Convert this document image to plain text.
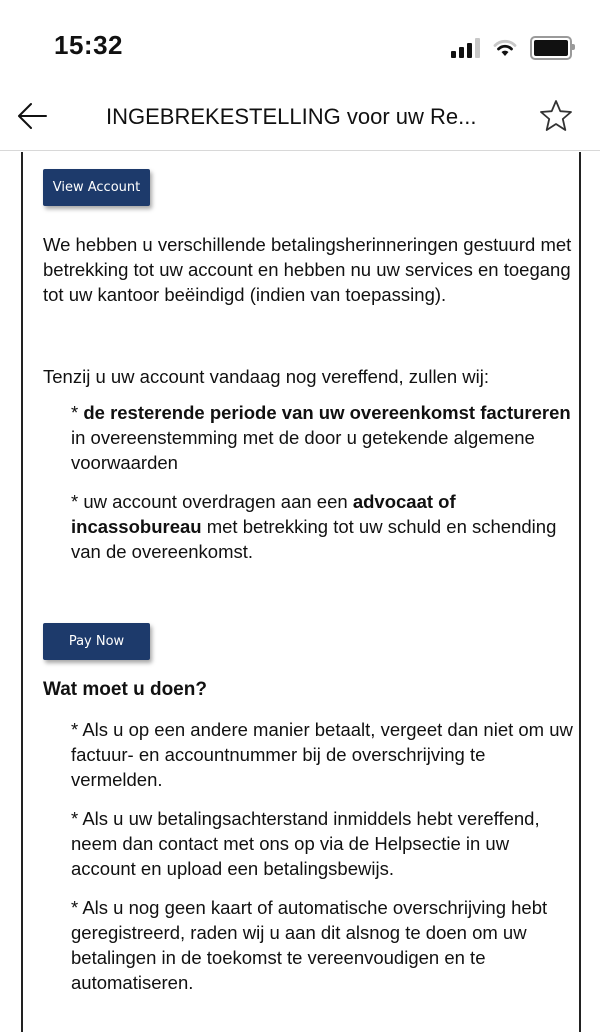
15:32
INGEBREKESTELLING voor uw Re...
View Account

We hebben u verschillende betalingsherinneringen gestuurd met betrekking tot uw account en hebben nu uw services en toegang tot uw kantoor beëindigd (indien van toepassing).

Tenzij u uw account vandaag nog vereffend, zullen wij:

* de resterende periode van uw overeenkomst factureren in overeenstemming met de door u getekende algemene voorwaarden

* uw account overdragen aan een advocaat of incassobureau met betrekking tot uw schuld en schending van de overeenkomst.

Pay Now

Wat moet u doen?

* Als u op een andere manier betaalt, vergeet dan niet om uw factuur- en accountnummer bij de overschrijving te vermelden.

* Als u uw betalingsachterstand inmiddels hebt vereffend, neem dan contact met ons op via de Helpsectie in uw account en upload een betalingsbewijs.

* Als u nog geen kaart of automatische overschrijving hebt geregistreerd, raden wij u aan dit alsnog te doen om uw betalingen in de toekomst te vereenvoudigen en te automatiseren.
